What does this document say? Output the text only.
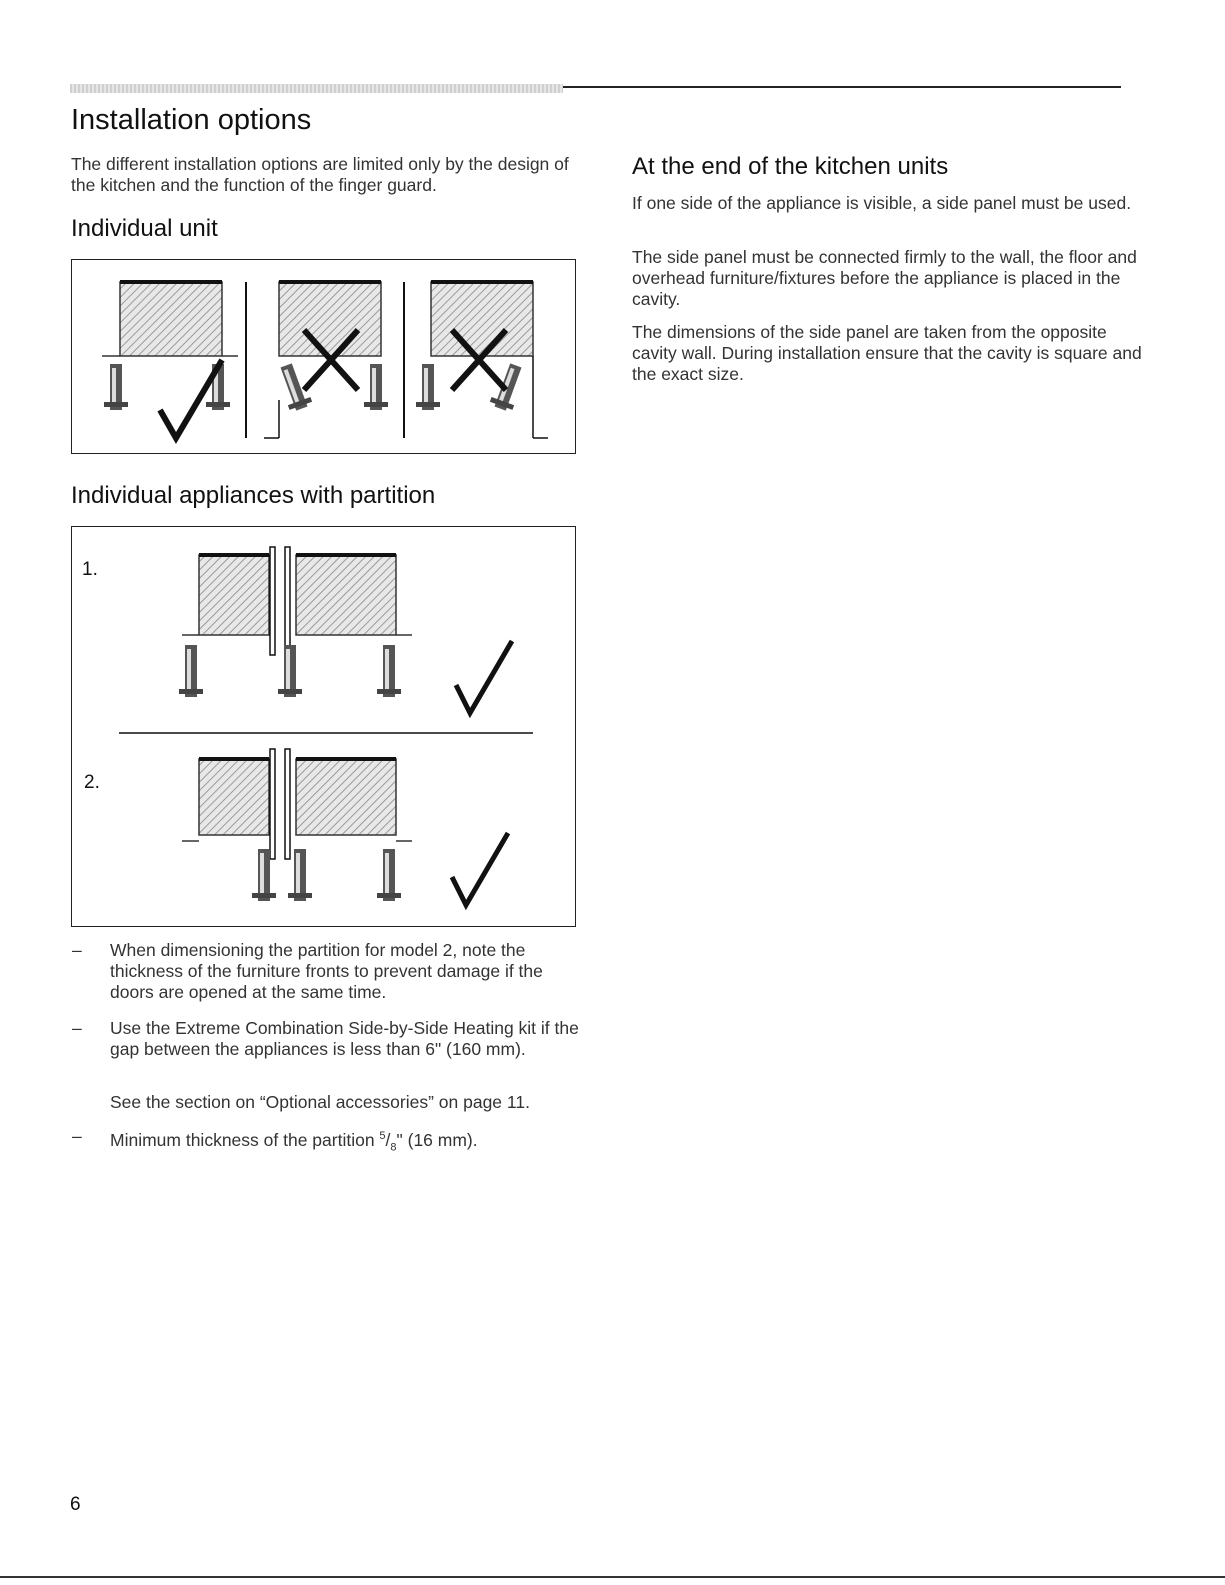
Installation options

The different installation options are limited only by the design of the kitchen and the function of the finger guard.

Individual unit
Individual appliances with partition
1.
2.
– When dimensioning the partition for model 2, note the thickness of the furniture fronts to prevent damage if the doors are opened at the same time.

– Use the Extreme Combination Side-by-Side Heating kit if the gap between the appliances is less than 6" (160 mm).

See the section on “Optional accessories” on page 11.

– Minimum thickness of the partition $^5/_8$" (16 mm).

At the end of the kitchen units

If one side of the appliance is visible, a side panel must be used.

The side panel must be connected firmly to the wall, the floor and overhead furniture/fixtures before the appliance is placed in the cavity.

The dimensions of the side panel are taken from the opposite cavity wall. During installation ensure that the cavity is square and the exact size.

6
